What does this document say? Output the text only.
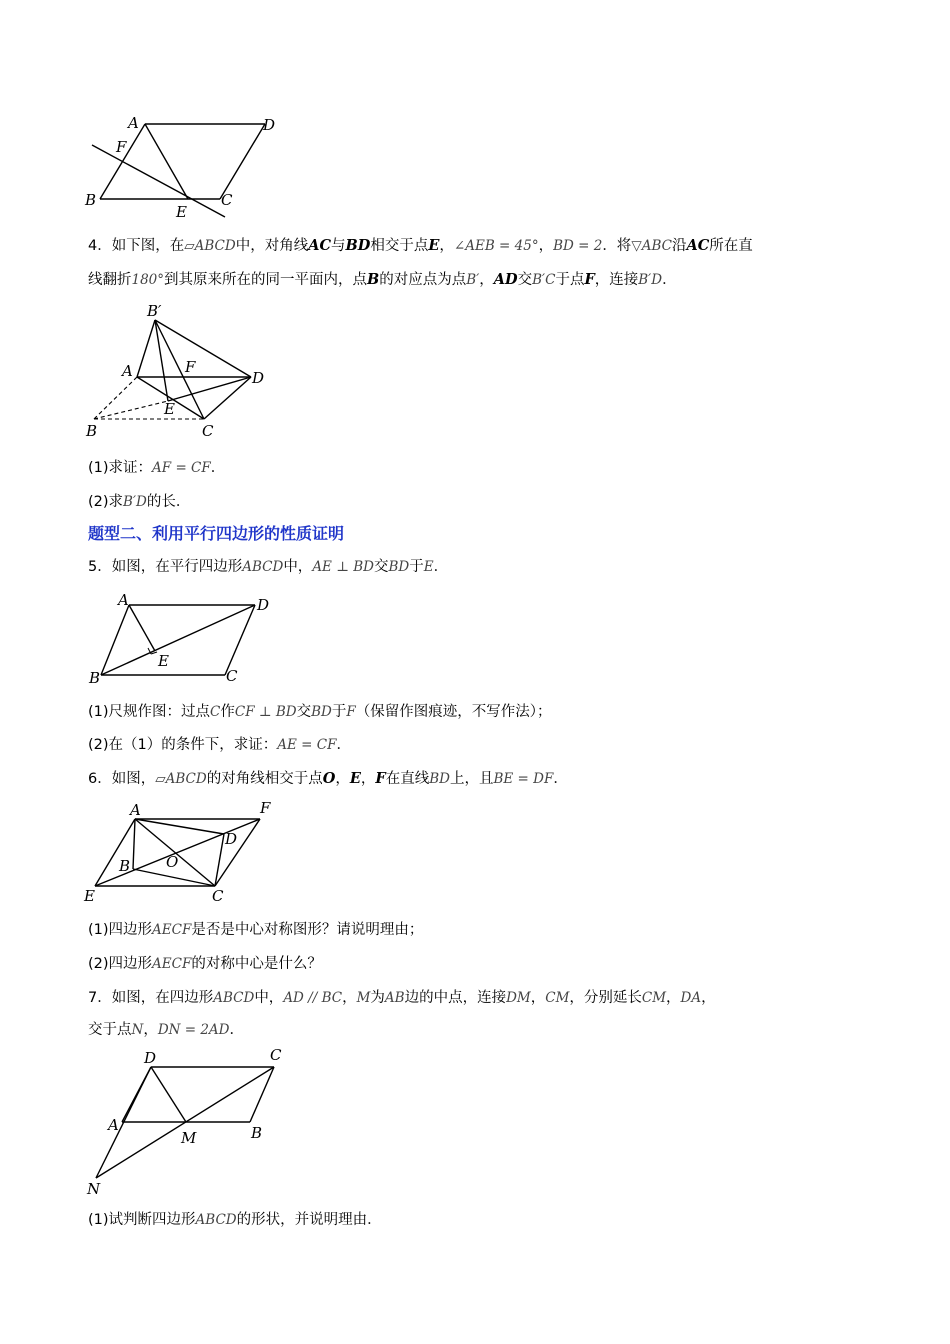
A	D
F
B
E
C
4．如下图，在▱ABCD中，对角线AC与BD相交于点E，∠AEB = 45°，BD = 2．将▽ABC沿AC所在直
线翻折180°到其原来所在的同一平面内，点B的对应点为点B′，AD交B′C于点F，连接B′D．
B′
A	F
D
E
B	C
(1)求证：AF = CF．
(2)求B′D的长．
题型二、利用平行四边形的性质证明
5．如图，在平行四边形ABCD中，AE ⊥ BD交BD于E．
A	D
E
B	C
(1)尺规作图：过点C作CF ⊥ BD交BD于F（保留作图痕迹，不写作法）；
(2)在（1）的条件下，求证：AE = CF．
6．如图，▱ABCD的对角线相交于点O，E，F在直线BD上，且BE = DF．
A	F
D
B O
E	C
(1)四边形AECF是否是中心对称图形？请说明理由；
(2)四边形AECF的对称中心是什么？
7．如图，在四边形ABCD中，AD // BC，M为AB边的中点，连接DM，CM，分别延长CM，DA，
交于点N，DN = 2AD．
D	C
A
M	B
N
(1)试判断四边形ABCD的形状，并说明理由．
